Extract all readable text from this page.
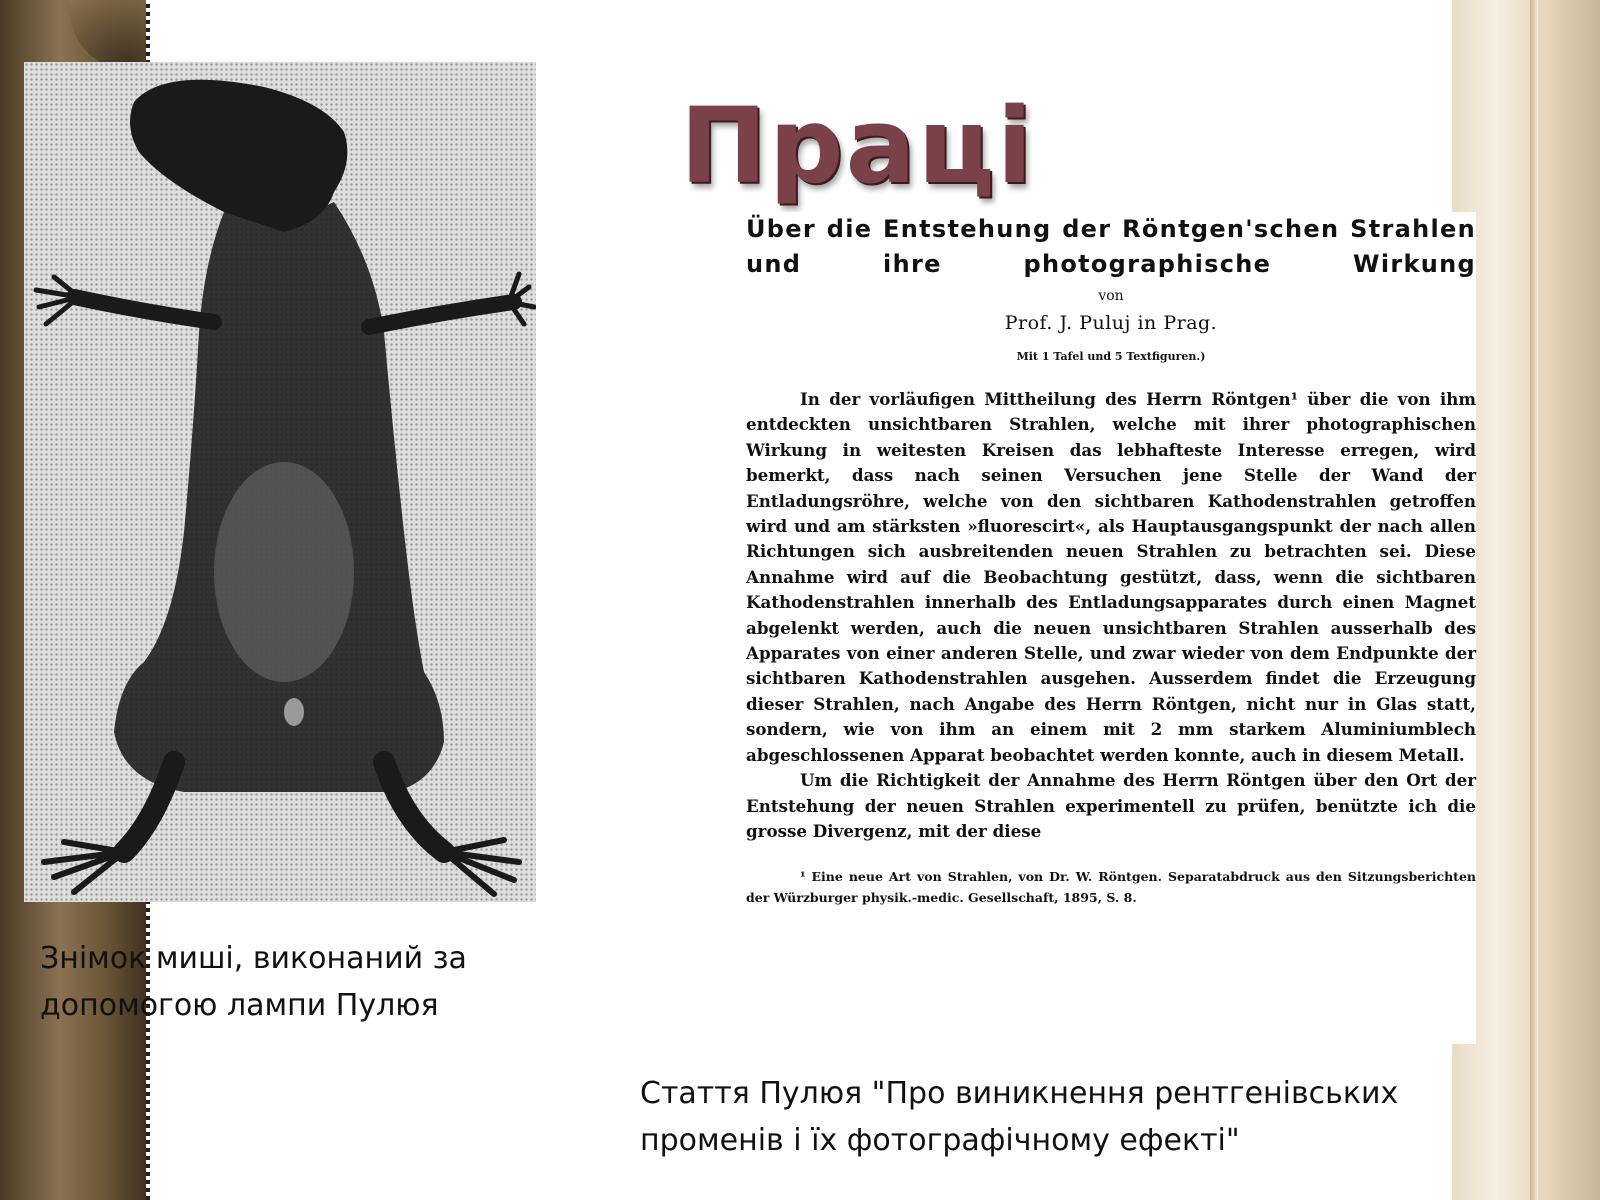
Праці
Знімок миші, виконаний за допомогою лампи Пулюя
Über die Entstehung der Röntgen'schen Strahlen und ihre photographische Wirkung
von
Prof. J. Puluj in Prag.
Mit 1 Tafel und 5 Textfiguren.)

In der vorläufigen Mittheilung des Herrn Röntgen¹ über die von ihm entdeckten unsichtbaren Strahlen, welche mit ihrer photographischen Wirkung in weitesten Kreisen das lebhafteste Interesse erregen, wird bemerkt, dass nach seinen Versuchen jene Stelle der Wand der Entladungsröhre, welche von den sichtbaren Kathodenstrahlen getroffen wird und am stärksten »fluorescirt«, als Hauptausgangspunkt der nach allen Richtungen sich ausbreitenden neuen Strahlen zu betrachten sei. Diese Annahme wird auf die Beobachtung gestützt, dass, wenn die sichtbaren Kathodenstrahlen innerhalb des Entladungsapparates durch einen Magnet abgelenkt werden, auch die neuen unsichtbaren Strahlen ausserhalb des Apparates von einer anderen Stelle, und zwar wieder von dem Endpunkte der sichtbaren Kathodenstrahlen ausgehen. Ausserdem findet die Erzeugung dieser Strahlen, nach Angabe des Herrn Röntgen, nicht nur in Glas statt, sondern, wie von ihm an einem mit 2 mm starkem Aluminiumblech abgeschlossenen Apparat beobachtet werden konnte, auch in diesem Metall.

Um die Richtigkeit der Annahme des Herrn Röntgen über den Ort der Entstehung der neuen Strahlen experimentell zu prüfen, benützte ich die grosse Divergenz, mit der diese

¹ Eine neue Art von Strahlen, von Dr. W. Röntgen. Separatabdruck aus den Sitzungsberichten der Würzburger physik.-medic. Gesellschaft, 1895, S. 8.
Стаття Пулюя "Про виникнення рентгенівських променів і їх фотографічному ефекті"
